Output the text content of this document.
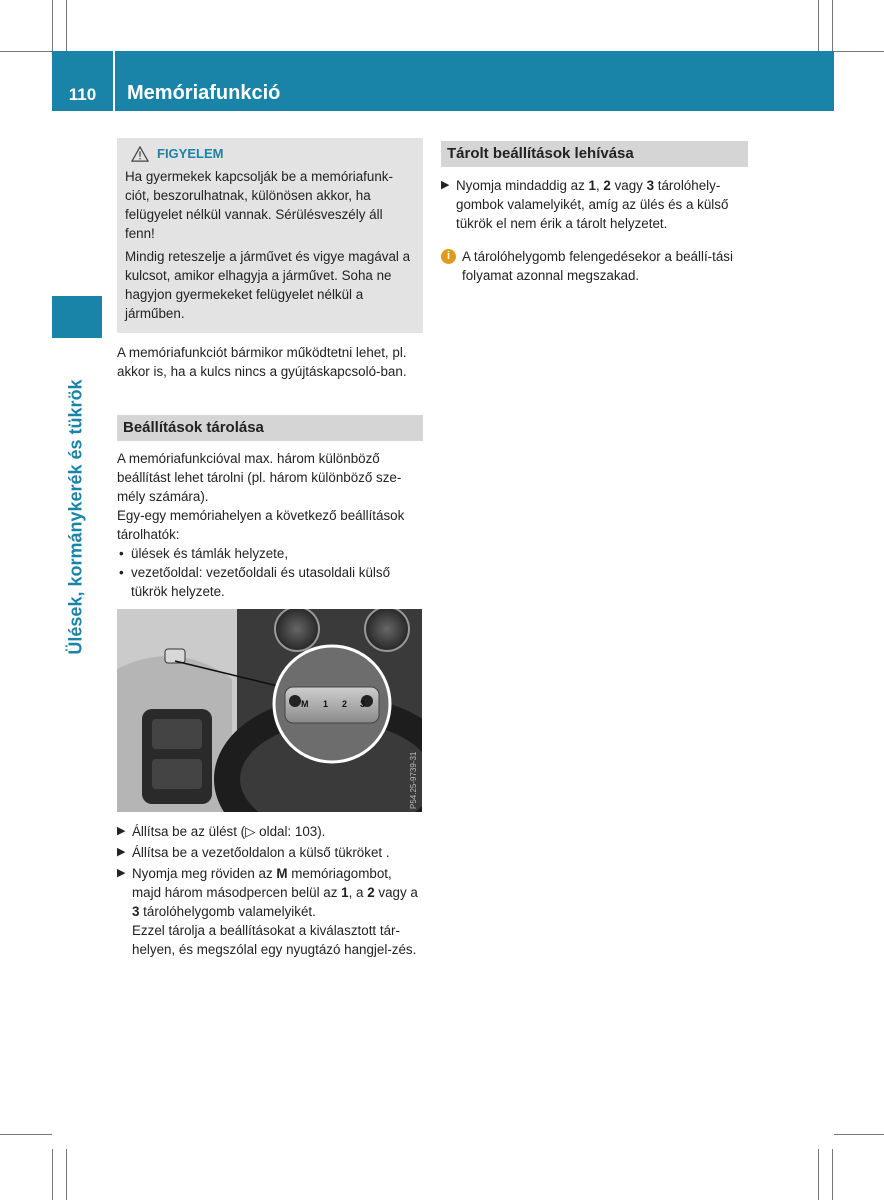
110	Memóriafunkció
Ülések, kormánykerék és tükrök
FIGYELEM

Ha gyermekek kapcsolják be a memóriafunk-ciót, beszorulhatnak, különösen akkor, ha felügyelet nélkül vannak. Sérülésveszély áll fenn!

Mindig reteszelje a járművet és vigye magával a kulcsot, amikor elhagyja a járművet. Soha ne hagyjon gyermekeket felügyelet nélkül a járműben.

A memóriafunkciót bármikor működtetni lehet, pl. akkor is, ha a kulcs nincs a gyújtáskapcsoló-ban.

Beállítások tárolása

A memóriafunkcióval max. három különböző beállítást lehet tárolni (pl. három különböző sze-mély számára).

Egy-egy memóriahelyen a következő beállítások tárolhatók:

• ülések és támlák helyzete,
• vezetőoldal: vezetőoldali és utasoldali külső tükrök helyzete.
M 1 2 3
P54.25-9739-31
▶ Állítsa be az ülést (▷ oldal: 103).
▶ Állítsa be a vezetőoldalon a külső tükröket .
▶ Nyomja meg röviden az M memóriagombot, majd három másodpercen belül az 1, a 2 vagy a 3 tárolóhelygomb valamelyikét.
Ezzel tárolja a beállításokat a kiválasztott tár-helyen, és megszólal egy nyugtázó hangjel-zés.
Tárolt beállítások lehívása
▶ Nyomja mindaddig az 1, 2 vagy 3 tárolóhely-gombok valamelyikét, amíg az ülés és a külső tükrök el nem érik a tárolt helyzetet.
i A tárolóhelygomb felengedésekor a beállí-tási folyamat azonnal megszakad.
